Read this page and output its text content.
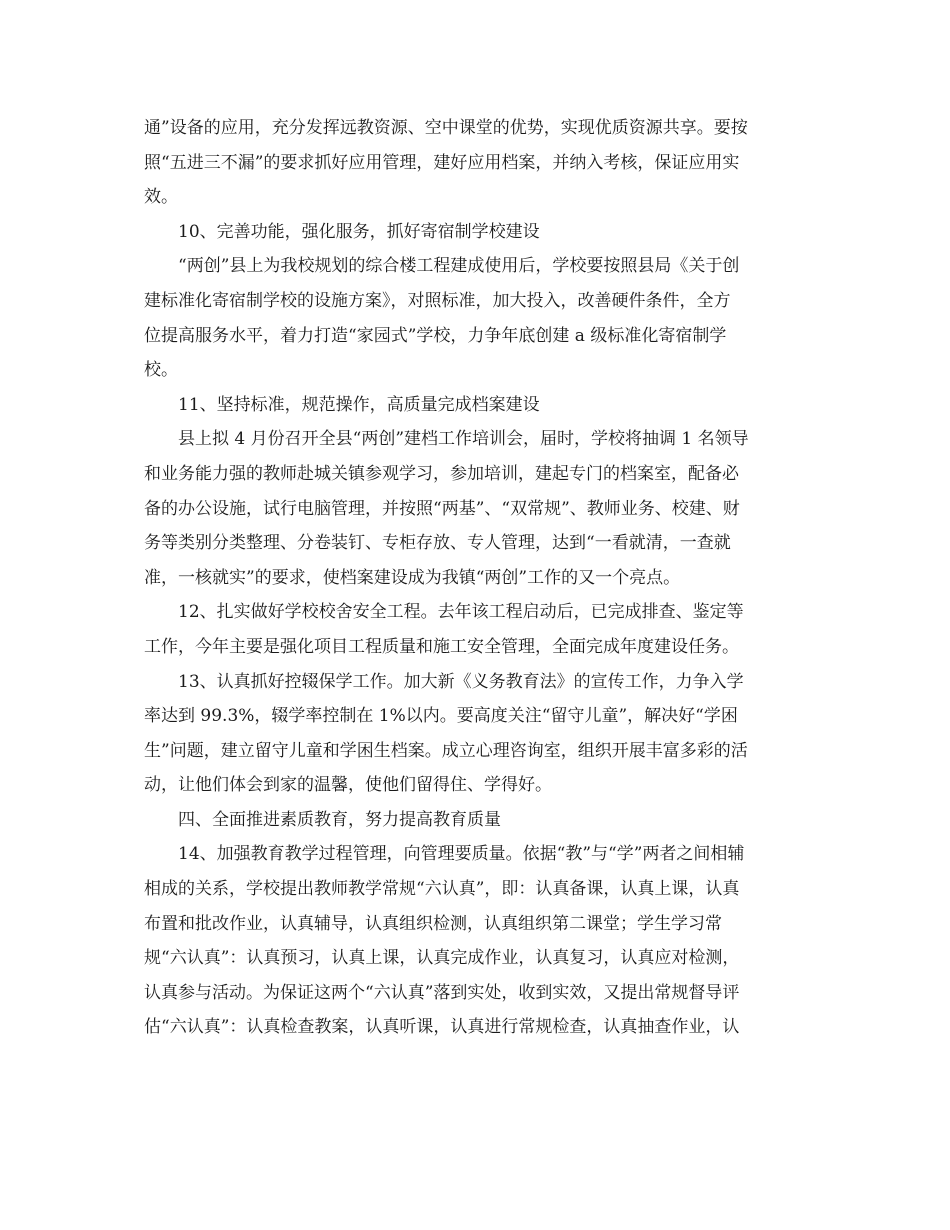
通”设备的应用，充分发挥远教资源、空中课堂的优势，实现优质资源共享。要按
照“五进三不漏”的要求抓好应用管理，建好应用档案，并纳入考核，保证应用实
效。
10、完善功能，强化服务，抓好寄宿制学校建设
“两创”县上为我校规划的综合楼工程建成使用后，学校要按照县局《关于创
建标准化寄宿制学校的设施方案》，对照标准，加大投入，改善硬件条件，全方
位提高服务水平，着力打造“家园式”学校，力争年底创建 a 级标准化寄宿制学
校。
11、坚持标准，规范操作，高质量完成档案建设
县上拟 4 月份召开全县“两创”建档工作培训会，届时，学校将抽调 1 名领导
和业务能力强的教师赴城关镇参观学习，参加培训，建起专门的档案室，配备必
备的办公设施，试行电脑管理，并按照“两基”、“双常规”、教师业务、校建、财
务等类别分类整理、分卷装钉、专柜存放、专人管理，达到“一看就清，一查就
准，一核就实”的要求，使档案建设成为我镇“两创”工作的又一个亮点。
12、扎实做好学校校舍安全工程。去年该工程启动后，已完成排查、鉴定等
工作，今年主要是强化项目工程质量和施工安全管理，全面完成年度建设任务。
13、认真抓好控辍保学工作。加大新《义务教育法》的宣传工作，力争入学
率达到 99.3%，辍学率控制在 1%以内。要高度关注“留守儿童”，解决好“学困
生”问题，建立留守儿童和学困生档案。成立心理咨询室，组织开展丰富多彩的活
动，让他们体会到家的温馨，使他们留得住、学得好。
四、全面推进素质教育，努力提高教育质量
14、加强教育教学过程管理，向管理要质量。依据“教”与“学”两者之间相辅
相成的关系，学校提出教师教学常规“六认真”，即：认真备课，认真上课，认真
布置和批改作业，认真辅导，认真组织检测，认真组织第二课堂；学生学习常
规“六认真”：认真预习，认真上课，认真完成作业，认真复习，认真应对检测，
认真参与活动。为保证这两个“六认真”落到实处，收到实效，又提出常规督导评
估“六认真”：认真检查教案，认真听课，认真进行常规检查，认真抽查作业，认
